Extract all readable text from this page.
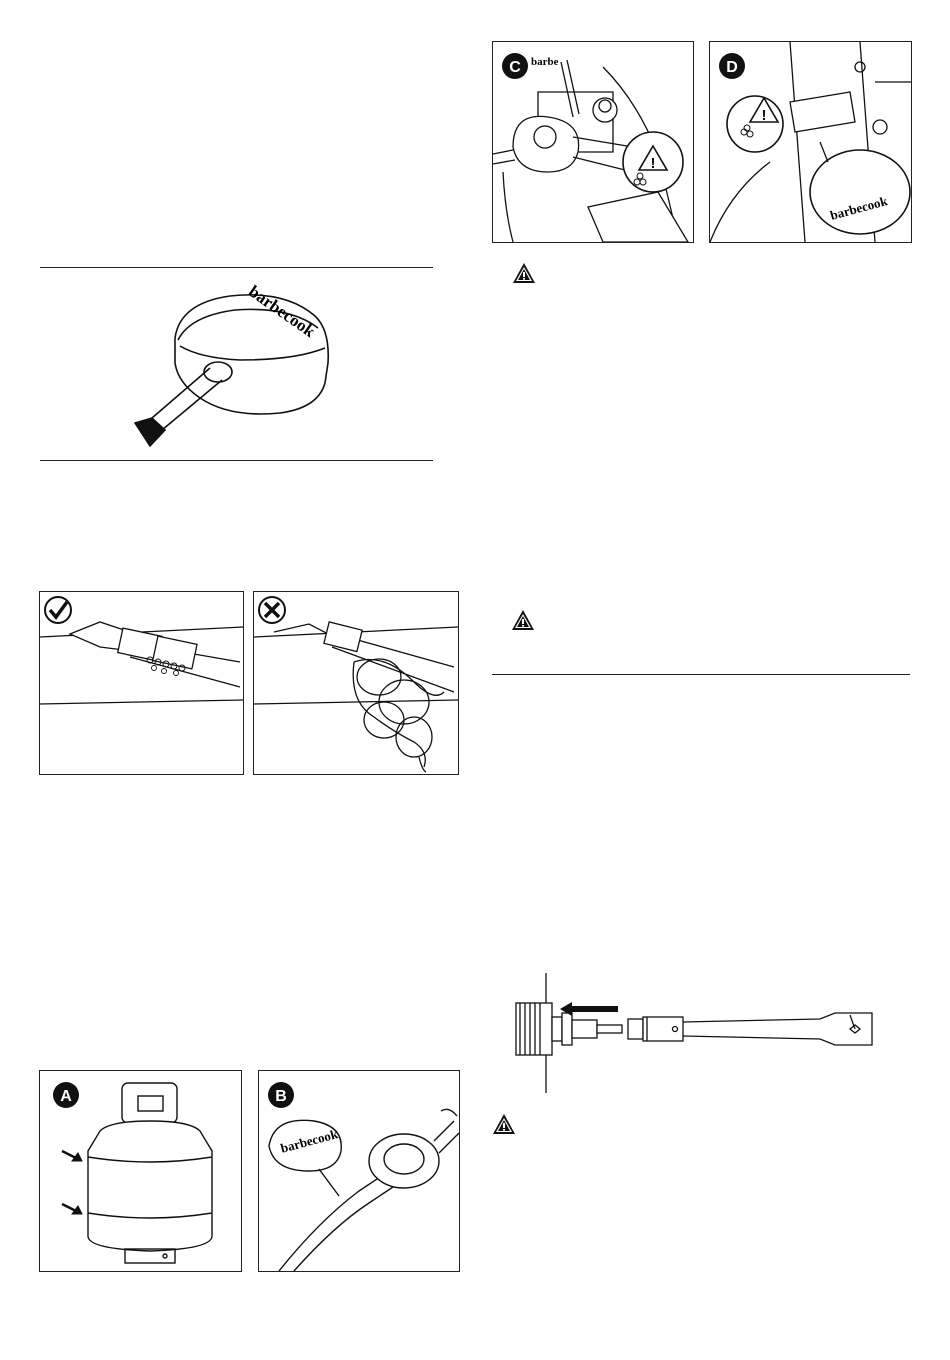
barbecook
A
barbecook
B
barbe
!
C
barbecook
!
D
